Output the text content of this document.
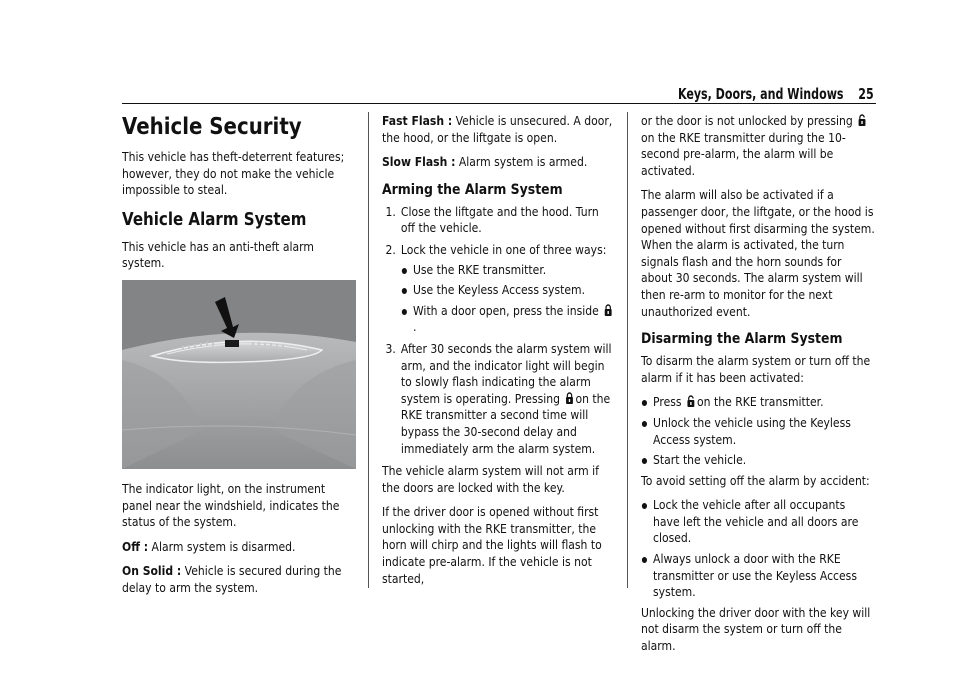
Keys, Doors, and Windows 25
Vehicle Security

This vehicle has theft-deterrent features; however, they do not make the vehicle impossible to steal.

Vehicle Alarm System

This vehicle has an anti-theft alarm system.

The indicator light, on the instrument panel near the windshield, indicates the status of the system.

Off : Alarm system is disarmed.

On Solid : Vehicle is secured during the delay to arm the system.

Fast Flash : Vehicle is unsecured. A door, the hood, or the liftgate is open.

Slow Flash : Alarm system is armed.

Arming the Alarm System
1. Close the liftgate and the hood. Turn off the vehicle.
2. Lock the vehicle in one of three ways:
Use the RKE transmitter.
Use the Keyless Access system.
With a door open, press the inside
.
3. After 30 seconds the alarm system will arm, and the indicator light will begin to slowly flash indicating the alarm system is operating. Pressing on the RKE transmitter a second time will bypass the 30-second delay and immediately arm the alarm system.

The vehicle alarm system will not arm if the doors are locked with the key.

If the driver door is opened without first unlocking with the RKE transmitter, the horn will chirp and the lights will flash to indicate pre-alarm. If the vehicle is not started,

or the door is not unlocked by pressing
on the RKE transmitter during the 10-second pre-alarm, the alarm will be activated.

The alarm will also be activated if a passenger door, the liftgate, or the hood is opened without first disarming the system. When the alarm is activated, the turn signals flash and the horn sounds for about 30 seconds. The alarm system will then re-arm to monitor for the next unauthorized event.

Disarming the Alarm System

To disarm the alarm system or turn off the alarm if it has been activated:

Press on the RKE transmitter.
Unlock the vehicle using the Keyless Access system.
Start the vehicle.

To avoid setting off the alarm by accident:

Lock the vehicle after all occupants have left the vehicle and all doors are closed.
Always unlock a door with the RKE transmitter or use the Keyless Access system.

Unlocking the driver door with the key will not disarm the system or turn off the alarm.
